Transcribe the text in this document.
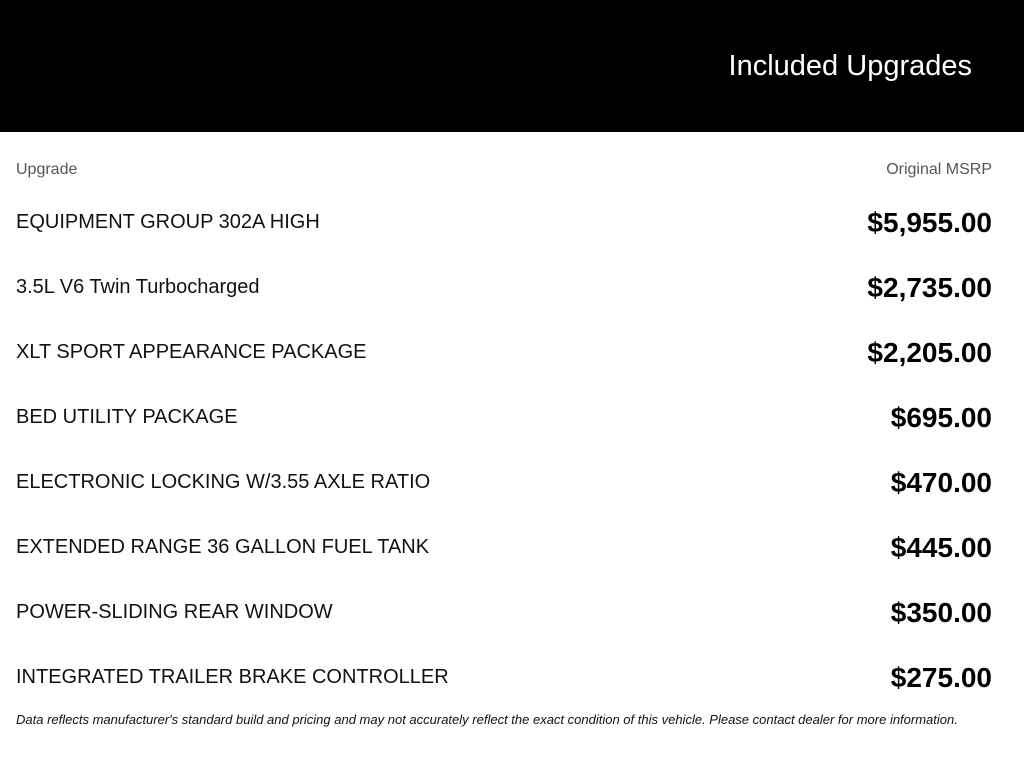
Included Upgrades
Upgrade	Original MSRP
EQUIPMENT GROUP 302A HIGH	$5,955.00
3.5L V6 Twin Turbocharged	$2,735.00
XLT SPORT APPEARANCE PACKAGE	$2,205.00
BED UTILITY PACKAGE	$695.00
ELECTRONIC LOCKING W/3.55 AXLE RATIO	$470.00
EXTENDED RANGE 36 GALLON FUEL TANK	$445.00
POWER-SLIDING REAR WINDOW	$350.00
INTEGRATED TRAILER BRAKE CONTROLLER	$275.00
Data reflects manufacturer's standard build and pricing and may not accurately reflect the exact condition of this vehicle. Please contact dealer for more information.
